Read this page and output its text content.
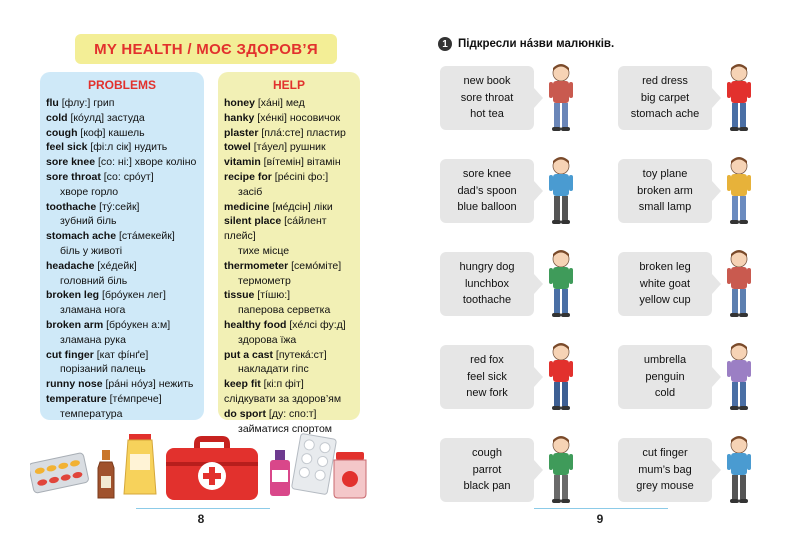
MY HEALTH / МОЄ ЗДОРОВ’Я
PROBLEMS
flu [флу:] грип
cold [кóулд] застуда
cough [коф] кашель
feel sick [фі:л сік] нудить
sore knee [со: ні:] хворе коліно
sore throat [со: срóут]
хворе горло
toothache [тý:сейк]
зубний біль
stomach ache [стáмекейк]
біль у животі
headache [хéдейк]
головний біль
broken leg [брóукен лег]
зламана нога
broken arm [брóукен а:м]
зламана рука
cut finger [кат фíнґе]
порізаний палець
runny nose [рáні нóуз] нежить
temperature [тéмпрече]
температура
HELP
honey [хáні] мед
hanky [хéнкі] носовичок
plaster [плá:сте] пластир
towel [тáуел] рушник
vitamin [вíтемін] вітамін
recipe for [рéсіпі фо:]
засіб
medicine [мéдсін] ліки
silent place [сáйлент плейс]
тихе місце
thermometer [семóміте]
термометр
tissue [тíшю:]
паперова серветка
healthy food [хéлсі фу:д]
здорова їжа
put a cast [путекá:ст]
накладати гіпс
keep fit [кі:п фіт] слідкувати за здоров’ям
do sport [ду: спо:т]
займатися спортом
8
1 Підкресли нáзви малюнків.
new book
sore throat
hot tea
red dress
big carpet
stomach ache
sore knee
dad’s spoon
blue balloon
toy plane
broken arm
small lamp
hungry dog
lunchbox
toothache
broken leg
white goat
yellow cup
red fox
feel sick
new fork
umbrella
penguin
cold
cough
parrot
black pan
cut finger
mum’s bag
grey mouse
9
